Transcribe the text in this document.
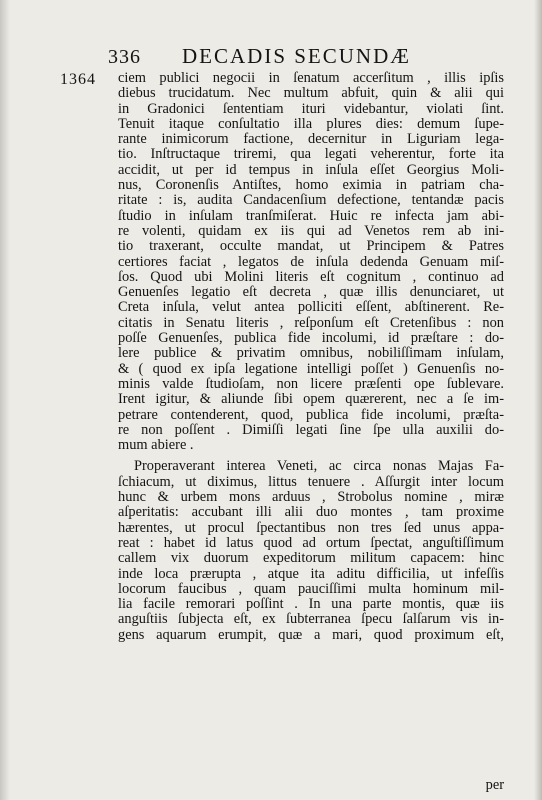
336 DECADIS SECUNDÆ
1364 ciem publici negocii in ſenatum accerſitum , illis ipſis
diebus trucidatum. Nec multum abfuit, quin & alii qui
in Gradonici ſententiam ituri videbantur, violati ſint.
Tenuit itaque conſultatio illa plures dies: demum ſupe-
rante inimicorum factione, decernitur in Liguriam lega-
tio. Inſtructaque triremi, qua legati veherentur, forte ita
accidit, ut per id tempus in inſula eſſet Georgius Moli-
nus, Coronenſis Antiſtes, homo eximia in patriam cha-
ritate : is, audita Candacenſium defectione, tentandæ pacis
ſtudio in inſulam tranſmiſerat. Huic re infecta jam abi-
re volenti, quidam ex iis qui ad Venetos rem ab ini-
tio traxerant, occulte mandat, ut Principem & Patres
certiores faciat , legatos de inſula dedenda Genuam miſ-
ſos. Quod ubi Molini literis eſt cognitum , continuo ad
Genuenſes legatio eſt decreta , quæ illis denunciaret, ut
Creta inſula, velut antea polliciti eſſent, abſtinerent. Re-
citatis in Senatu literis , reſponſum eſt Cretenſibus : non
poſſe Genuenſes, publica fide incolumi, id præſtare : do-
lere publice & privatim omnibus, nobiliſſimam inſulam,
& ( quod ex ipſa legatione intelligi poſſet ) Genuenſis no-
minis valde ſtudioſam, non licere præſenti ope ſublevare.
Irent igitur, & aliunde ſibi opem quærerent, nec a ſe im-
petrare contenderent, quod, publica fide incolumi, præſta-
re non poſſent . Dimiſſi legati ſine ſpe ulla auxilii do-
mum abiere .
Properaverant interea Veneti, ac circa nonas Majas Fa-
ſchiacum, ut diximus, littus tenuere . Aſſurgit inter locum
hunc & urbem mons arduus , Strobolus nomine , miræ
aſperitatis: accubant illi alii duo montes , tam proxime
hærentes, ut procul ſpectantibus non tres ſed unus appa-
reat : habet id latus quod ad ortum ſpectat, anguſtiſſimum
callem vix duorum expeditorum militum capacem: hinc
inde loca prærupta , atque ita aditu difficilia, ut infeſſis
locorum faucibus , quam pauciſſimi multa hominum mil-
lia facile remorari poſſint . In una parte montis, quæ iis
anguſtiis ſubjecta eſt, ex ſubterranea ſpecu ſalſarum vis in-
gens aquarum erumpit, quæ a mari, quod proximum eſt,
per
